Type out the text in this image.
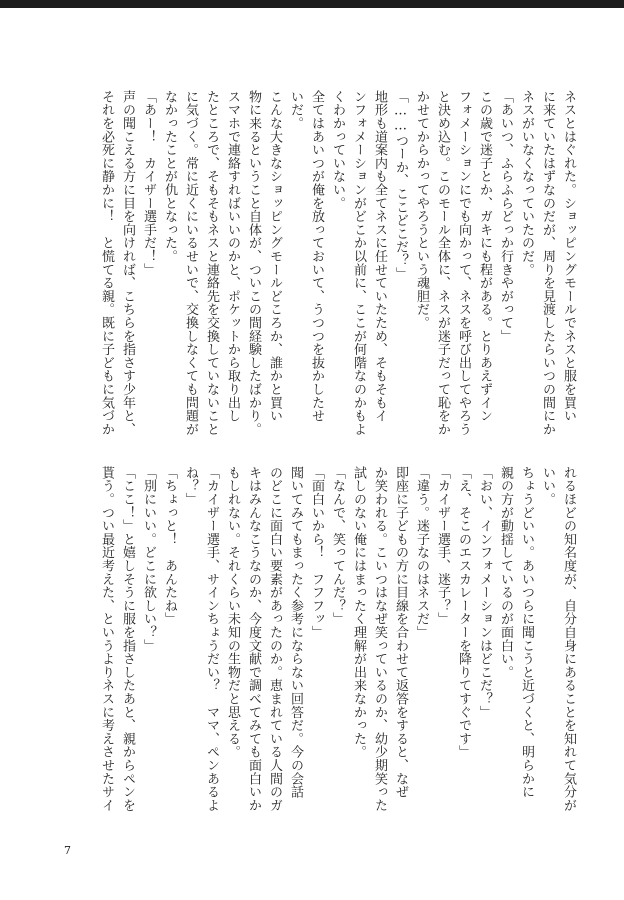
ネスとはぐれた。ショッピングモールでネスと服を買い

に来ていたはずなのだが、周りを見渡したらいつの間にか

ネスがいなくなっていたのだ。

「あいつ、ふらふらどっか行きやがって」

この歳で迷子とか、ガキにも程がある。とりあえずイン

フォメーションにでも向かって、ネスを呼び出してやろう

と決め込む。このモール全体に、ネスが迷子だって恥をか

かせてからかってやろうという魂胆だ。

「……つーか、ここどこだ？」

地形も道案内も全てネスに任せていたため、そもそもイ

ンフォメーションがどこか以前に、ここが何階なのかもよ

くわかっていない。

全てはあいつが俺を放っておいて、うつつを抜かしたせ

いだ。

こんな大きなショッピングモールどころか、誰かと買い

物に来るということ自体が、ついこの間経験したばかり。

スマホで連絡すればいいのかと、ポケットから取り出し

たところで、そもそもネスと連絡先を交換していないこと

に気づく。常に近くにいるせいで、交換しなくても問題が

なかったことが仇となった。

「あー！　カイザー選手だ！」

声の聞こえる方に目を向ければ、こちらを指さす少年と、

それを必死に静かに！　と慌てる親。既に子どもに気づか

れるほどの知名度が、自分自身にあることを知れて気分が

いい。

ちょうどいい。あいつらに聞こうと近づくと、明らかに

親の方が動揺しているのが面白い。

「おい、インフォメーションはどこだ？」

「え、そこのエスカレーターを降りてすぐです」

「カイザー選手、迷子？」

「違う。迷子なのはネスだ」

即座に子どもの方に目線を合わせて返答をすると、なぜ

か笑われる。こいつはなぜ笑っているのか、幼少期笑った

試しのない俺にはまったく理解が出来なかった。

「なんで、笑ってんだ？」

「面白いから！　フフフッ」

聞いてみてもまったく参考にならない回答だ。今の会話

のどこに面白い要素があったのか。恵まれている人間のガ

キはみんなこうなのか、今度文献で調べてみても面白いか

もしれない。それくらい未知の生物だと思える。

「カイザー選手、サインちょうだい？　ママ、ペンあるよ

ね？」

「ちょっと！　あんたね」

「別にいい。どこに欲しい？」

「ここ！」と嬉しそうに服を指さしたあと、親からペンを

貰う。つい最近考えた、というよりネスに考えさせたサイ

7
